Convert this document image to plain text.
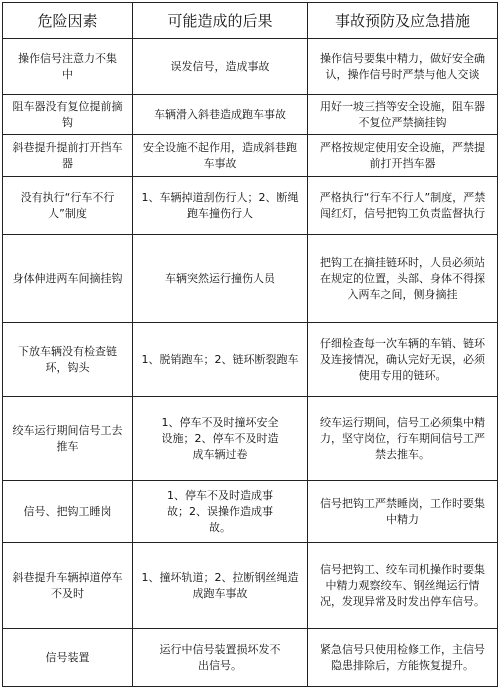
危险因素	可能造成的后果	事故预防及应急措施

操作信号注意力不集中	误发信号，造成事故	操作信号要集中精力，做好安全确认，操作信号时严禁与他人交谈

阻车器没有复位提前摘钩	车辆滑入斜巷造成跑车事故	用好一坡三挡等安全设施，阻车器不复位严禁摘挂钩

斜巷提升提前打开挡车器	安全设施不起作用，造成斜巷跑车事故	严格按规定使用安全设施，严禁提前打开挡车器

没有执行“行车不行人”制度	1、车辆掉道刮伤行人；2、断绳跑车撞伤行人	严格执行“行车不行人”制度，严禁闯红灯，信号把钩工负责监督执行

身体伸进两车间摘挂钩	车辆突然运行撞伤人员	把钩工在摘挂链环时，人员必须站在规定的位置，头部、身体不得探入两车之间，侧身摘挂

下放车辆没有检查链环，钩头	1、脱销跑车；2、链环断裂跑车	仔细检查每一次车辆的车销、链环及连接情况，确认完好无误，必须使用专用的链环。

绞车运行期间信号工去推车	1、停车不及时撞坏安全设施；2、停车不及时造成车辆过卷	绞车运行期间，信号工必须集中精力，坚守岗位，行车期间信号工严禁去推车。

信号、把钩工睡岗	1、停车不及时造成事故；2、误操作造成事故。	信号把钩工严禁睡岗，工作时要集中精力

斜巷提升车辆掉道停车不及时	1、撞坏轨道；2、拉断钢丝绳造成跑车事故	信号把钩工、绞车司机操作时要集中精力观察绞车、钢丝绳运行情况，发现异常及时发出停车信号。

信号装置	运行中信号装置损坏发不出信号。	紧急信号只使用检修工作，主信号隐患排除后，方能恢复提升。
